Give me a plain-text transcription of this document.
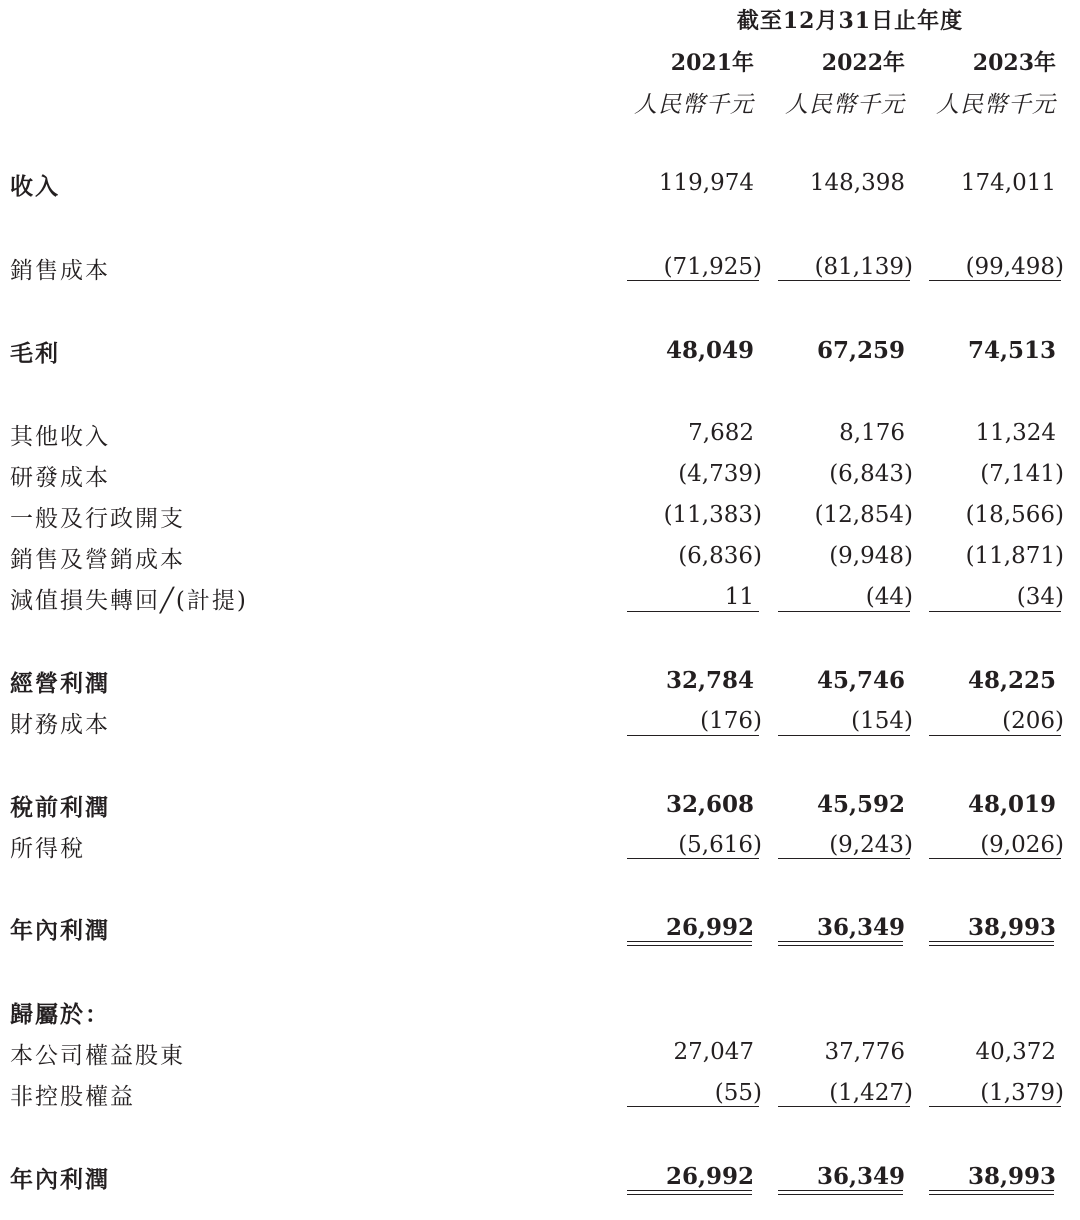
截至12月31日止年度
2021年	2022年	2023年
人民幣千元	人民幣千元	人民幣千元
收入	119,974	148,398	174,011
銷售成本	(71,925)	(81,139)	(99,498)
毛利	48,049	67,259	74,513
其他收入	7,682	8,176	11,324
研發成本	(4,739)	(6,843)	(7,141)
一般及行政開支	(11,383)	(12,854)	(18,566)
銷售及營銷成本	(6,836)	(9,948)	(11,871)
減值損失轉回╱(計提)	11	(44)	(34)
經營利潤	32,784	45,746	48,225
財務成本	(176)	(154)	(206)
稅前利潤	32,608	45,592	48,019
所得稅	(5,616)	(9,243)	(9,026)
年內利潤	26,992	36,349	38,993
歸屬於：
本公司權益股東	27,047	37,776	40,372
非控股權益	(55)	(1,427)	(1,379)
年內利潤	26,992	36,349	38,993
